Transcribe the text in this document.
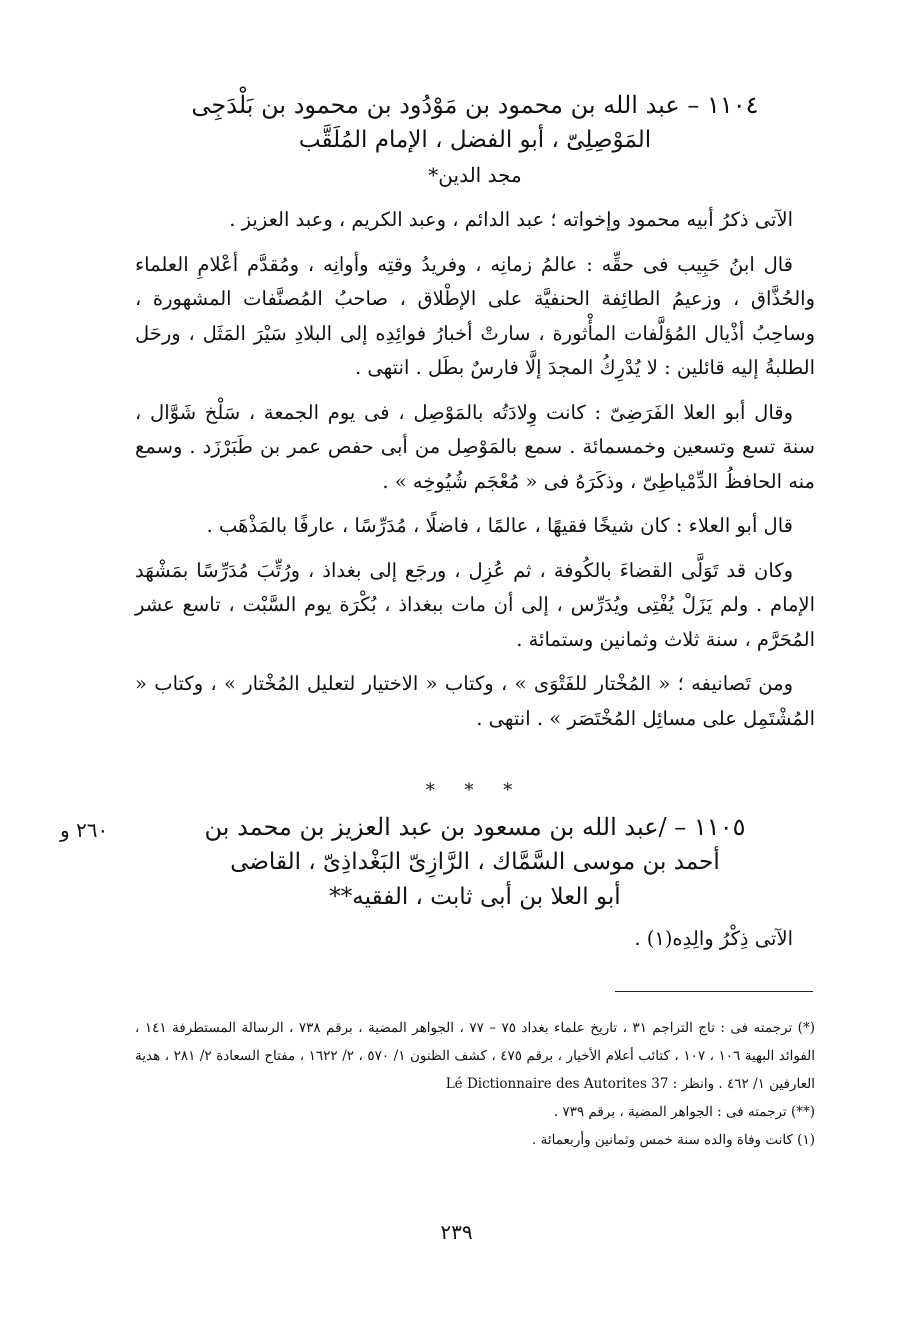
١١٠٤ – عبد الله بن محمود بن مَوْدُود بن محمود بن بَلْدَجِى
المَوْصِلِىّ ، أبو الفضل ، الإمام المُلَقَّب
مجد الدين*

الآتى ذكرُ أبيه محمود وإخواته ؛ عبد الدائم ، وعبد الكريم ، وعبد العزيز .

قال ابنُ حَبِيب فى حقِّه : عالمُ زمانِه ، وفريدُ وقتِه وأوانِه ، ومُقدَّم أعْلامِ العلماء والحُذَّاق ، وزعيمُ الطائِفة الحنفيَّة على الإطْلاق ، صاحبُ المُصنَّفات المشهورة ، وساحِبُ أذْيال المُؤلَّفات المأْثورة ، سارتْ أخبارُ فوائِدِه إلى البلادِ سَيْرَ المَثَل ، ورحَل الطلبةُ إليه قائلين : لا يُدْرِكُ المجدَ إلَّا فارسٌ بطَل . انتهى .

وقال أبو العلا الفَرَضِىّ : كانت وِلادَتُه بالمَوْصِل ، فى يوم الجمعة ، سَلْخ شَوَّال ، سنة تسع وتسعين وخمسمائة . سمع بالمَوْصِل من أبى حفص عمر بن طَبَرْزَد . وسمع منه الحافظُ الدِّمْياطِىّ ، وذكَرَهُ فى « مُعْجَم شُيُوخِه » .

قال أبو العلاء : كان شيخًا فقيهًا ، عالمًا ، فاضلًا ، مُدَرِّسًا ، عارفًا بالمَذْهَب .

وكان قد تَوَلَّى القضاءَ بالكُوفة ، ثم عُزِل ، ورجَع إلى بغداذ ، ورُتِّبَ مُدَرِّسًا بمَشْهَد الإمام . ولم يَزَلْ يُفْتِى ويُدَرِّس ، إلى أن مات ببغداذ ، بُكْرَة يوم السَّبْت ، تاسع عشر المُحَرَّم ، سنة ثلاث وثمانين وستمائة .

ومن تَصانيفه ؛ « المُخْتار للفَتْوَى » ، وكتاب « الاختيار لتعليل المُخْتار » ، وكتاب « المُشْتَمِل على مسائِل المُخْتَصَر » . انتهى .

* * *
٢٦٠ و	١١٠٥ – /عبد الله بن مسعود بن عبد العزيز بن محمد بن
أحمد بن موسى السَّمَّاك ، الرَّازِىّ البَغْداذِىّ ، القاضى
أبو العلا بن أبى ثابت ، الفقيه**

الآتى ذِكْرُ والِدِه(١) .

(*) ترجمته فى : تاج التراجم ٣١ ، تاريخ علماء بغداد ٧٥ – ٧٧ ، الجواهر المضية ، برقم ٧٣٨ ، الرسالة المستطرفة ١٤١ ، الفوائد البهية ١٠٦ ، ١٠٧ ، كتائب أعلام الأخيار ، برقم ٤٧٥ ، كشف الظنون ١/ ٥٧٠ ، ٢/ ١٦٢٢ ، مفتاح السعادة ٢/ ٢٨١ ، هدية العارفين ١/ ٤٦٢ . وانظر : Lé Dictionnaire des Autorites 37

(**) ترجمته فى : الجواهر المضية ، برقم ٧٣٩ .

(١) كانت وفاة والده سنة خمس وثمانين وأربعمائة .

٢٣٩
